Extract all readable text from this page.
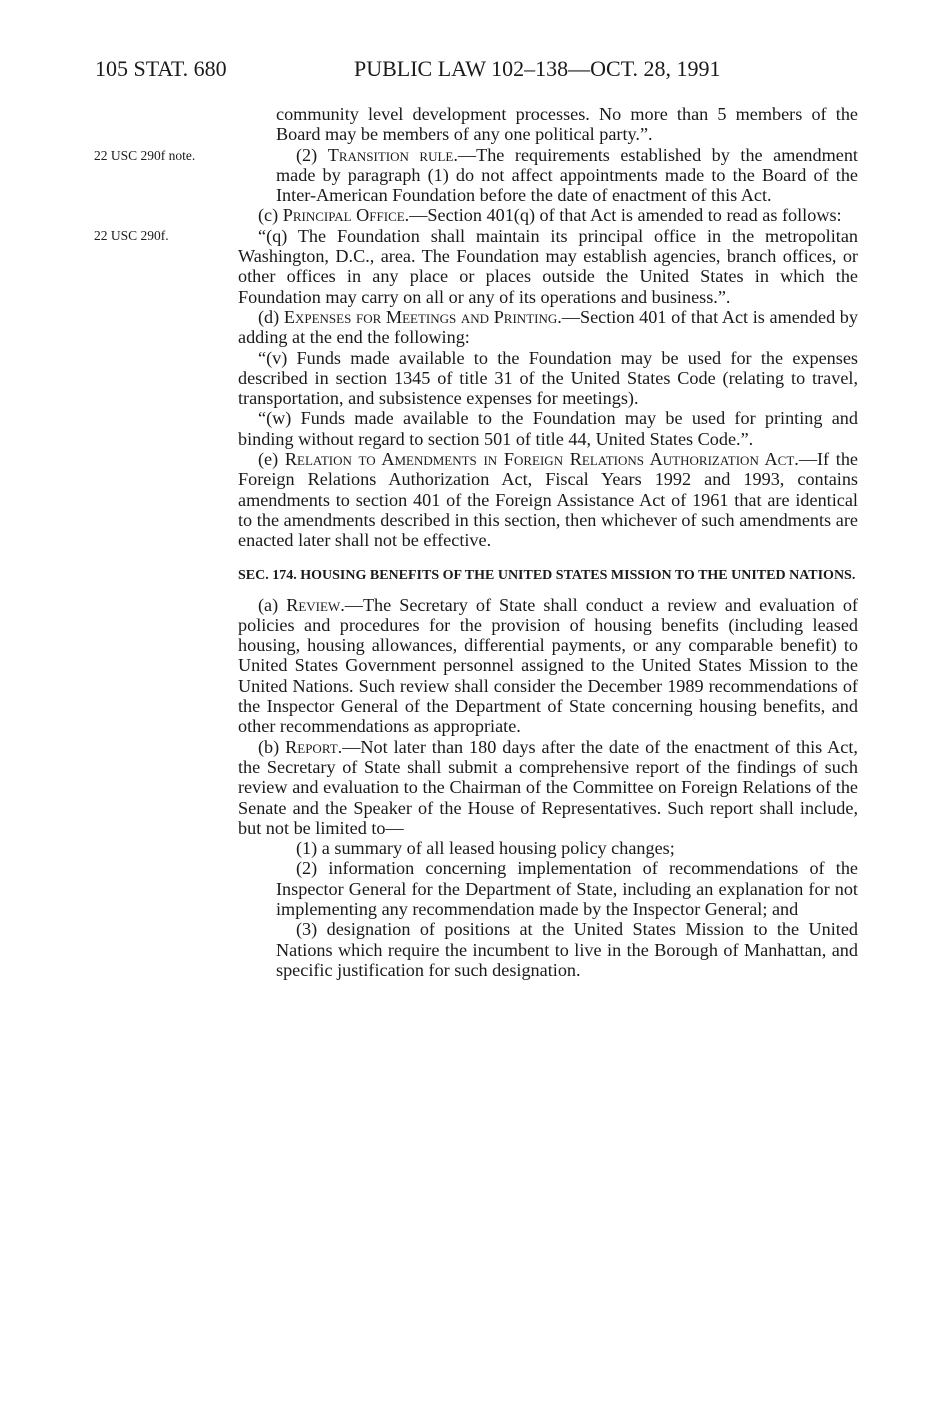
105 STAT. 680	PUBLIC LAW 102–138—OCT. 28, 1991
22 USC 290f note.
22 USC 290f.

community level development processes. No more than 5 members of the Board may be members of any one political party.”.

(2) Transition rule.—The requirements established by the amendment made by paragraph (1) do not affect appointments made to the Board of the Inter-American Foundation before the date of enactment of this Act.

(c) Principal Office.—Section 401(q) of that Act is amended to read as follows:

“(q) The Foundation shall maintain its principal office in the metropolitan Washington, D.C., area. The Foundation may establish agencies, branch offices, or other offices in any place or places outside the United States in which the Foundation may carry on all or any of its operations and business.”.

(d) Expenses for Meetings and Printing.—Section 401 of that Act is amended by adding at the end the following:

“(v) Funds made available to the Foundation may be used for the expenses described in section 1345 of title 31 of the United States Code (relating to travel, transportation, and subsistence expenses for meetings).

“(w) Funds made available to the Foundation may be used for printing and binding without regard to section 501 of title 44, United States Code.”.

(e) Relation to Amendments in Foreign Relations Authorization Act.—If the Foreign Relations Authorization Act, Fiscal Years 1992 and 1993, contains amendments to section 401 of the Foreign Assistance Act of 1961 that are identical to the amendments described in this section, then whichever of such amendments are enacted later shall not be effective.

SEC. 174. HOUSING BENEFITS OF THE UNITED STATES MISSION TO THE UNITED NATIONS.

(a) Review.—The Secretary of State shall conduct a review and evaluation of policies and procedures for the provision of housing benefits (including leased housing, housing allowances, differential payments, or any comparable benefit) to United States Government personnel assigned to the United States Mission to the United Nations. Such review shall consider the December 1989 recommendations of the Inspector General of the Department of State concerning housing benefits, and other recommendations as appropriate.

(b) Report.—Not later than 180 days after the date of the enactment of this Act, the Secretary of State shall submit a comprehensive report of the findings of such review and evaluation to the Chairman of the Committee on Foreign Relations of the Senate and the Speaker of the House of Representatives. Such report shall include, but not be limited to—

(1) a summary of all leased housing policy changes;

(2) information concerning implementation of recommendations of the Inspector General for the Department of State, including an explanation for not implementing any recommendation made by the Inspector General; and

(3) designation of positions at the United States Mission to the United Nations which require the incumbent to live in the Borough of Manhattan, and specific justification for such designation.
